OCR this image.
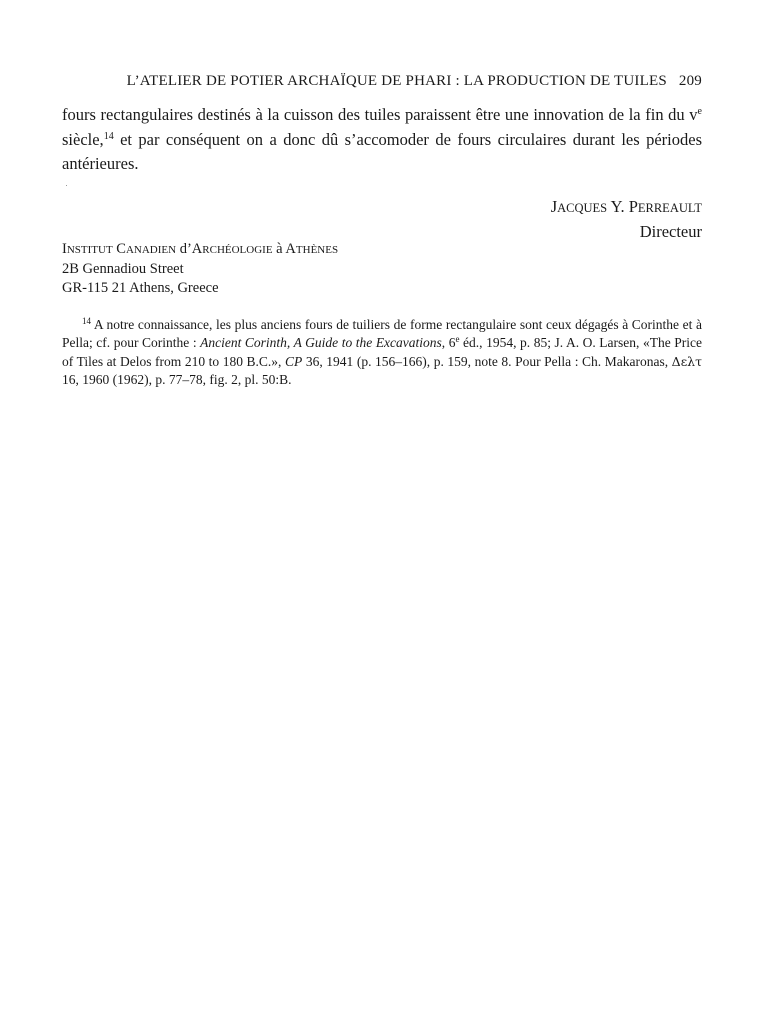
L’ATELIER DE POTIER ARCHAÏQUE DE PHARI : LA PRODUCTION DE TUILES 209

fours rectangulaires destinés à la cuisson des tuiles paraissent être une innovation de la fin du $v^e$ siècle,$^{14}$ et par conséquent on a donc dû s’accomoder de fours circulaires durant les périodes antérieures.

JACQUES Y. PERREAULT
Directeur
INSTITUT CANADIEN d’ARCHÉOLOGIE à ATHÈNES
2B Gennadiou Street
GR-115 21 Athens, Greece

$^{14}$ A notre connaissance, les plus anciens fours de tuiliers de forme rectangulaire sont ceux dégagés à Corinthe et à Pella; cf. pour Corinthe : Ancient Corinth, A Guide to the Excavations, 6e éd., 1954, p. 85; J. A. O. Larsen, «The Price of Tiles at Delos from 210 to 180 B.C.», CP 36, 1941 (p. 156–166), p. 159, note 8. Pour Pella : Ch. Makaronas, Δελτ 16, 1960 (1962), p. 77–78, fig. 2, pl. 50:B.
